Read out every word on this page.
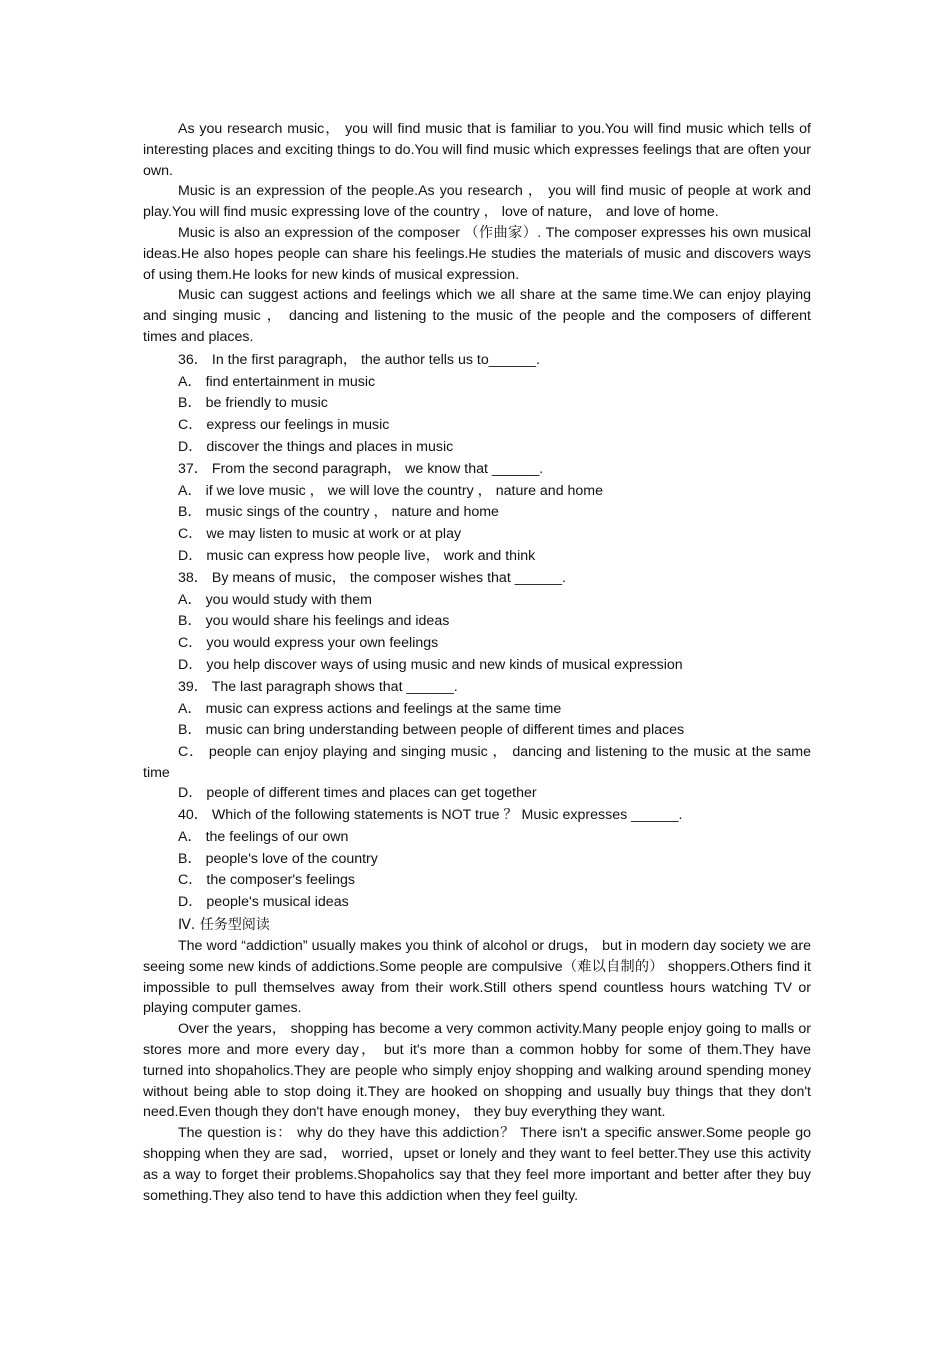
As you research music， you will find music that is familiar to you.You will find music which tells of interesting places and exciting things to do.You will find music which expresses feelings that are often your own.

Music is an expression of the people.As you research ， you will find music of people at work and play.You will find music expressing love of the country ， love of nature， and love of home.

Music is also an expression of the composer （作曲家）. The composer expresses his own musical ideas.He also hopes people can share his feelings.He studies the materials of music and discovers ways of using them.He looks for new kinds of musical expression.

Music can suggest actions and feelings which we all share at the same time.We can enjoy playing and singing music ， dancing and listening to the music of the people and the composers of different times and places.

36． In the first paragraph， the author tells us to______.

A． find entertainment in music

B． be friendly to music

C． express our feelings in music

D． discover the things and places in music

37． From the second paragraph， we know that ______.

A． if we love music ， we will love the country ， nature and home

B． music sings of the country ， nature and home

C． we may listen to music at work or at play

D． music can express how people live， work and think

38． By means of music， the composer wishes that ______.

A． you would study with them

B． you would share his feelings and ideas

C． you would express your own feelings

D． you help discover ways of using music and new kinds of musical expression

39． The last paragraph shows that ______.

A． music can express actions and feelings at the same time

B． music can bring understanding between people of different times and places

C． people can enjoy playing and singing music ， dancing and listening to the music at the same time

D． people of different times and places can get together

40． Which of the following statements is NOT true ？ Music expresses ______.

A． the feelings of our own

B． people's love of the country

C． the composer's feelings

D． people's musical ideas

Ⅳ. 任务型阅读

The word “addiction” usually makes you think of alcohol or drugs， but in modern day society we are seeing some new kinds of addictions.Some people are compulsive（难以自制的） shoppers.Others find it impossible to pull themselves away from their work.Still others spend countless hours watching TV or playing computer games.

Over the years， shopping has become a very common activity.Many people enjoy going to malls or stores more and more every day， but it's more than a common hobby for some of them.They have turned into shopaholics.They are people who simply enjoy shopping and walking around spending money without being able to stop doing it.They are hooked on shopping and usually buy things that they don't need.Even though they don't have enough money， they buy everything they want.

The question is： why do they have this addiction？ There isn't a specific answer.Some people go shopping when they are sad， worried，upset or lonely and they want to feel better.They use this activity as a way to forget their problems.Shopaholics say that they feel more important and better after they buy something.They also tend to have this addiction when they feel guilty.
